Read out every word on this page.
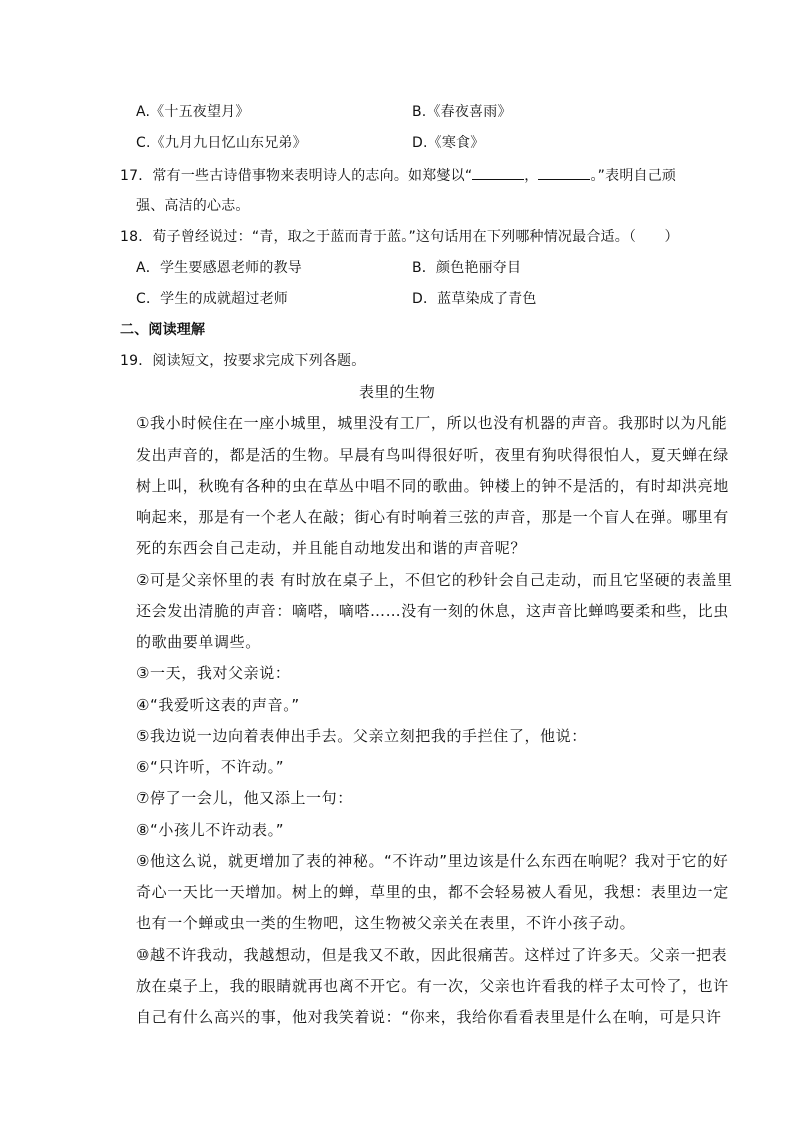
A.《十五夜望月》	B.《春夜喜雨》
C.《九月九日忆山东兄弟》	D.《寒食》
17．常有一些古诗借事物来表明诗人的志向。如郑燮以“	，	。”表明自己顽
强、高洁的心志。
18．荀子曾经说过：“青，取之于蓝而青于蓝。”这句话用在下列哪种情况最合适。（　　）
A．学生要感恩老师的教导	B．颜色艳丽夺目
C．学生的成就超过老师	D．蓝草染成了青色
二、阅读理解
19．阅读短文，按要求完成下列各题。
表里的生物
①我小时候住在一座小城里，城里没有工厂，所以也没有机器的声音。我那时以为凡能
发出声音的，都是活的生物。早晨有鸟叫得很好听，夜里有狗吠得很怕人，夏天蝉在绿
树上叫，秋晚有各种的虫在草丛中唱不同的歌曲。钟楼上的钟不是活的，有时却洪亮地
响起来，那是有一个老人在敲；街心有时响着三弦的声音，那是一个盲人在弹。哪里有
死的东西会自己走动，并且能自动地发出和谐的声音呢？
②可是父亲怀里的表 有时放在桌子上，不但它的秒针会自己走动，而且它坚硬的表盖里
还会发出清脆的声音：嘀嗒，嘀嗒……没有一刻的休息，这声音比蝉鸣要柔和些，比虫
的歌曲要单调些。
③一天，我对父亲说：
④“我爱听这表的声音。”
⑤我边说一边向着表伸出手去。父亲立刻把我的手拦住了，他说：
⑥“只许听，不许动。”
⑦停了一会儿，他又添上一句：
⑧“小孩儿不许动表。”
⑨他这么说，就更增加了表的神秘。“不许动”里边该是什么东西在响呢？我对于它的好
奇心一天比一天增加。树上的蝉，草里的虫，都不会轻易被人看见，我想：表里边一定
也有一个蝉或虫一类的生物吧，这生物被父亲关在表里，不许小孩子动。
⑩越不许我动，我越想动，但是我又不敢，因此很痛苦。这样过了许多天。父亲一把表
放在桌子上，我的眼睛就再也离不开它。有一次，父亲也许看我的样子太可怜了，也许
自己有什么高兴的事，他对我笑着说：“你来，我给你看看表里是什么在响，可是只许
